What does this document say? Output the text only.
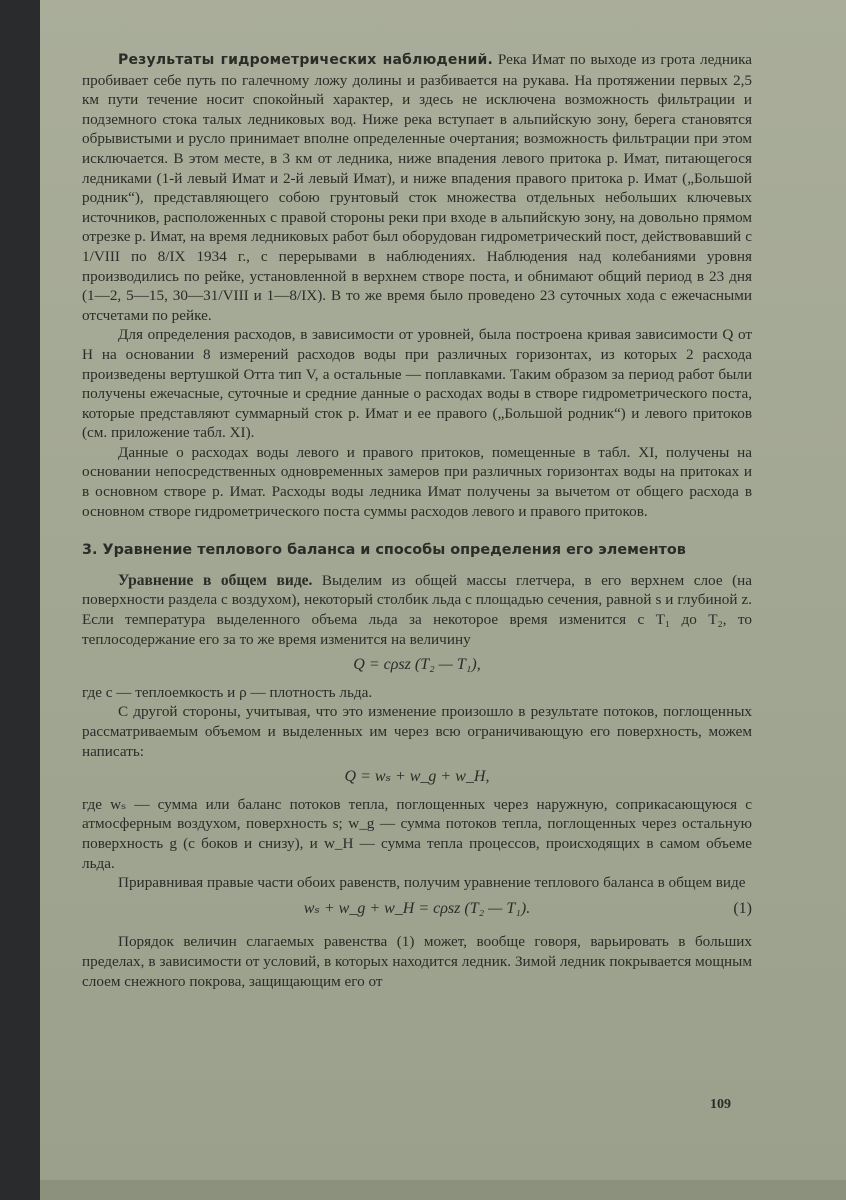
Результаты гидрометрических наблюдений. Река Имат по выходе из грота ледника пробивает себе путь по галечному ложу долины и разбивается на рукава. На протяжении первых 2,5 км пути течение носит спокойный характер, и здесь не исключена возможность фильтрации и подземного стока талых ледниковых вод. Ниже река вступает в альпийскую зону, берега становятся обрывистыми и русло принимает вполне определенные очертания; возможность фильтрации при этом исключается. В этом месте, в 3 км от ледника, ниже впадения левого притока р. Имат, питающегося ледниками (1-й левый Имат и 2-й левый Имат), и ниже впадения правого притока р. Имат („Большой родник“), представляющего собою грунтовый сток множества отдельных небольших ключевых источников, расположенных с правой стороны реки при входе в альпийскую зону, на довольно прямом отрезке р. Имат, на время ледниковых работ был оборудован гидрометрический пост, действовавший с 1/VIII по 8/IX 1934 г., с перерывами в наблюдениях. Наблюдения над колебаниями уровня производились по рейке, установленной в верхнем створе поста, и обнимают общий период в 23 дня (1—2, 5—15, 30—31/VIII и 1—8/IX). В то же время было проведено 23 суточных хода с ежечасными отсчетами по рейке.

Для определения расходов, в зависимости от уровней, была построена кривая зависимости Q от H на основании 8 измерений расходов воды при различных горизонтах, из которых 2 расхода произведены вертушкой Отта тип V, а остальные — поплавками. Таким образом за период работ были получены ежечасные, суточные и средние данные о расходах воды в створе гидрометрического поста, которые представляют суммарный сток р. Имат и ее правого („Большой родник“) и левого притоков (см. приложение табл. XI).

Данные о расходах воды левого и правого притоков, помещенные в табл. XI, получены на основании непосредственных одновременных замеров при различных горизонтах воды на притоках и в основном створе р. Имат. Расходы воды ледника Имат получены за вычетом от общего расхода в основном створе гидрометрического поста суммы расходов левого и правого притоков.

3. Уравнение теплового баланса и способы определения его элементов

Уравнение в общем виде. Выделим из общей массы глетчера, в его верхнем слое (на поверхности раздела с воздухом), некоторый столбик льда с площадью сечения, равной s и глубиной z. Если температура выделенного объема льда за некоторое время изменится с T₁ до T₂, то теплосодержание его за то же время изменится на величину

Q = cρsz (T₂ — T₁),

где c — теплоемкость и ρ — плотность льда.

С другой стороны, учитывая, что это изменение произошло в результате потоков, поглощенных рассматриваемым объемом и выделенных им через всю ограничивающую его поверхность, можем написать:

Q = wₛ + w_g + w_H,

где wₛ — сумма или баланс потоков тепла, поглощенных через наружную, соприкасающуюся с атмосферным воздухом, поверхность s; w_g — сумма потоков тепла, поглощенных через остальную поверхность g (с боков и снизу), и w_H — сумма тепла процессов, происходящих в самом объеме льда.

Приравнивая правые части обоих равенств, получим уравнение теплового баланса в общем виде

wₛ + w_g + w_H = cρsz (T₂ — T₁).	(1)

Порядок величин слагаемых равенства (1) может, вообще говоря, варьировать в больших пределах, в зависимости от условий, в которых находится ледник. Зимой ледник покрывается мощным слоем снежного покрова, защищающим его от

109
